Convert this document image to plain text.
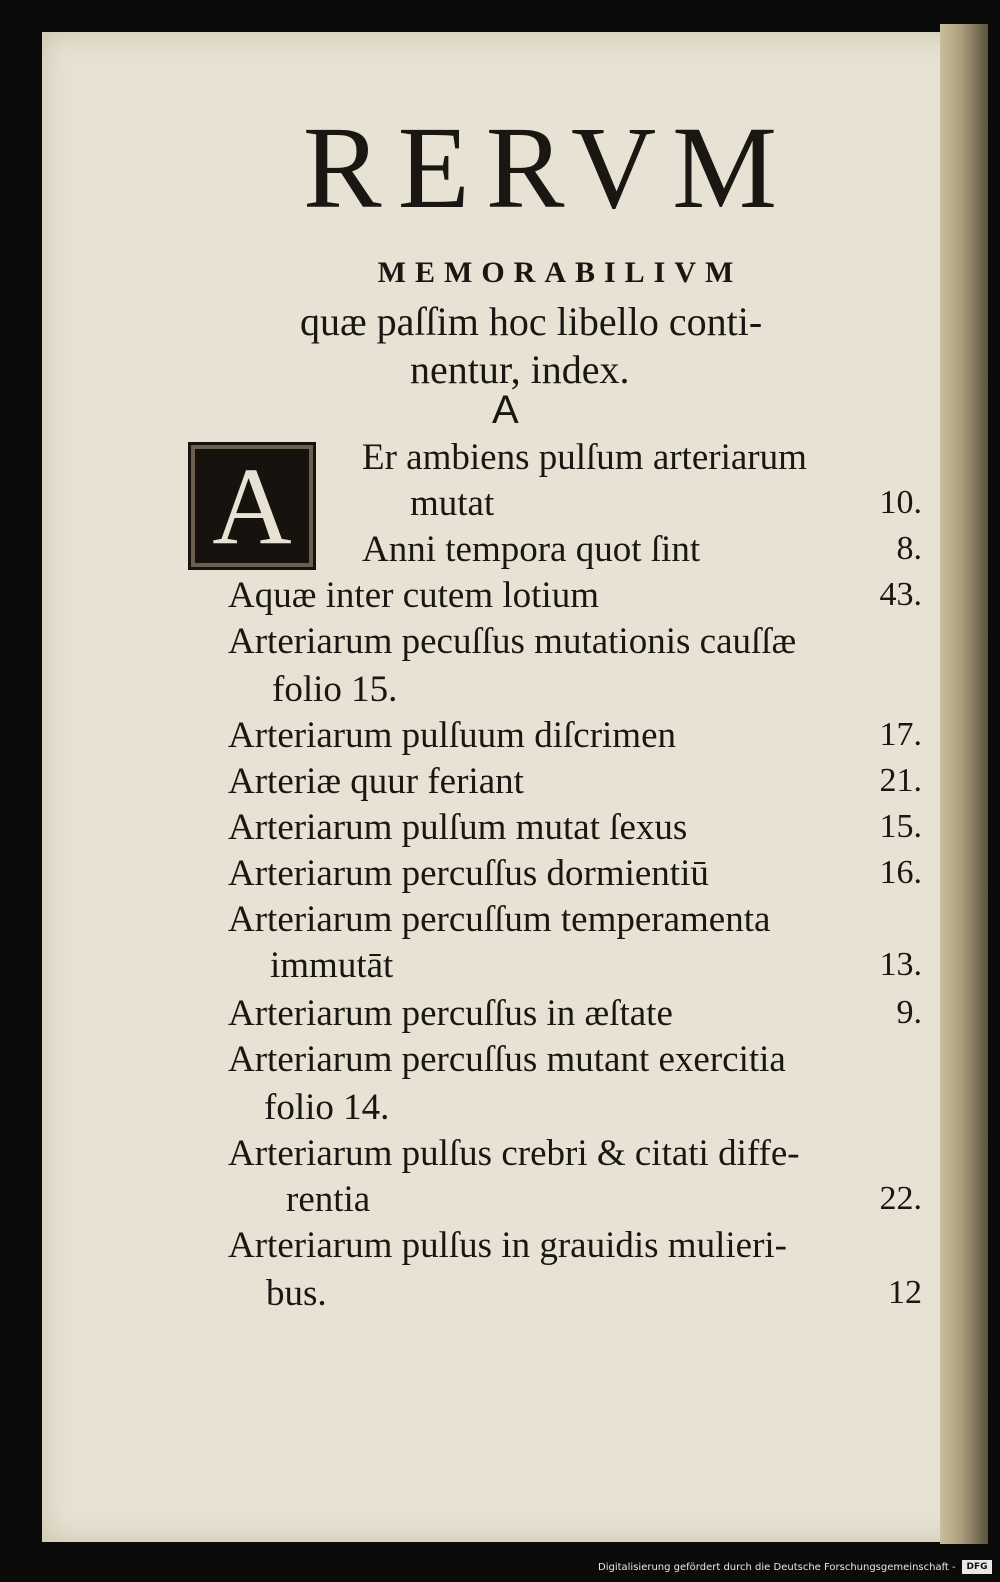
RERVM
MEMORABILIVM
quæ paſſim hoc libello conti-
nentur, index.
A
A	Er ambiens pulſum arteriarum
mutat	10.
Anni tempora quot ſint	8.
Aquæ inter cutem lotium	43.
Arteriarum pecuſſus mutationis cauſſæ
folio 15.
Arteriarum pulſuum diſcrimen	17.
Arteriæ quur feriant	21.
Arteriarum pulſum mutat ſexus	15.
Arteriarum percuſſus dormientiū	16.
Arteriarum percuſſum temperamenta
immutāt	13.
Arteriarum percuſſus in æſtate	9.
Arteriarum percuſſus mutant exercitia
folio 14.
Arteriarum pulſus crebri & citati diffe-
rentia	22.
Arteriarum pulſus in grauidis mulieri-
bus.	12
Digitalisierung gefördert durch die Deutsche Forschungsgemeinschaft -	DFG
